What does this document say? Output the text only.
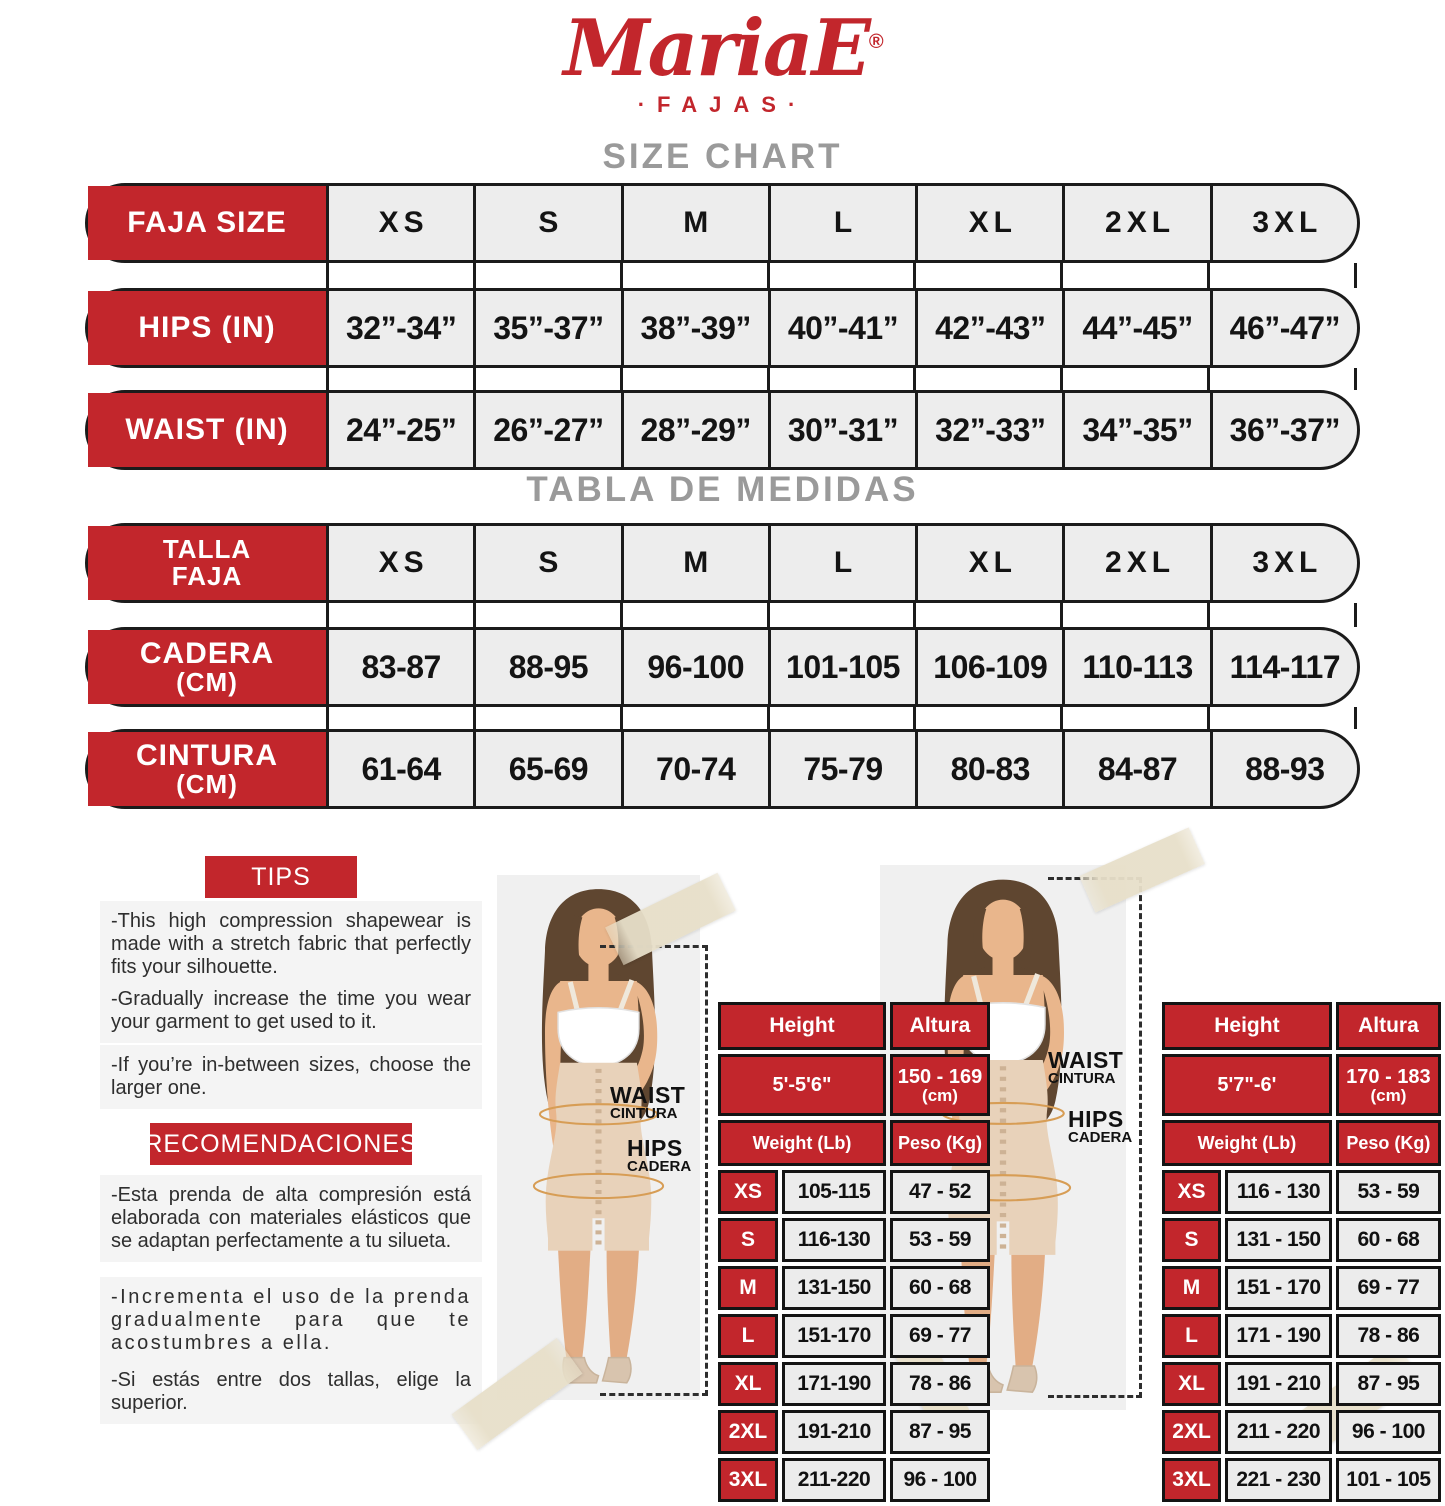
MariaE®
·FAJAS·
SIZE CHART
FAJA SIZE	XS	S	M	L	XL	2XL	3XL
HIPS (IN)	32”-34”	35”-37”	38”-39”	40”-41”	42”-43”	44”-45”	46”-47”
WAIST (IN)	24”-25”	26”-27”	28”-29”	30”-31”	32”-33”	34”-35”	36”-37”
TABLA DE MEDIDAS
TALLA
FAJA	XS	S	M	L	XL	2XL	3XL
CADERA
(CM)	83-87	88-95	96-100	101-105	106-109	110-113	114-117
CINTURA
(CM)	61-64	65-69	70-74	75-79	80-83	84-87	88-93
TIPS
-This high compression shapewear is made with a stretch fabric that perfectly fits your silhouette.
-Gradually increase the time you wear your garment to get used to it.
-If you’re in-between sizes, choose the larger one.
RECOMENDACIONES
-Esta prenda de alta compresión está elaborada con materiales elásticos que se adaptan perfectamente a tu silueta.
-Incrementa el uso de la prenda gradualmente para que te acostumbres a ella.
-Si estás entre dos tallas, elige la superior.
WAIST
CINTURA
HIPS
CADERA
WAIST
CINTURA
HIPS
CADERA
Height		Altura
5'-5'6"		150 - 169
(cm)

Weight (Lb)		Peso (Kg)
XS	105-115	47 - 52
S	116-130	53 - 59
M	131-150	60 - 68
L	151-170	69 - 77
XL	171-190	78 - 86
2XL	191-210	87 - 95
3XL	211-220	96 - 100
Height		Altura
5'7"-6'		170 - 183
(cm)

Weight (Lb)		Peso (Kg)
XS	116 - 130	53 - 59
S	131 - 150	60 - 68
M	151 - 170	69 - 77
L	171 - 190	78 - 86
XL	191 - 210	87 - 95
2XL	211 - 220	96 - 100
3XL	221 - 230	101 - 105
